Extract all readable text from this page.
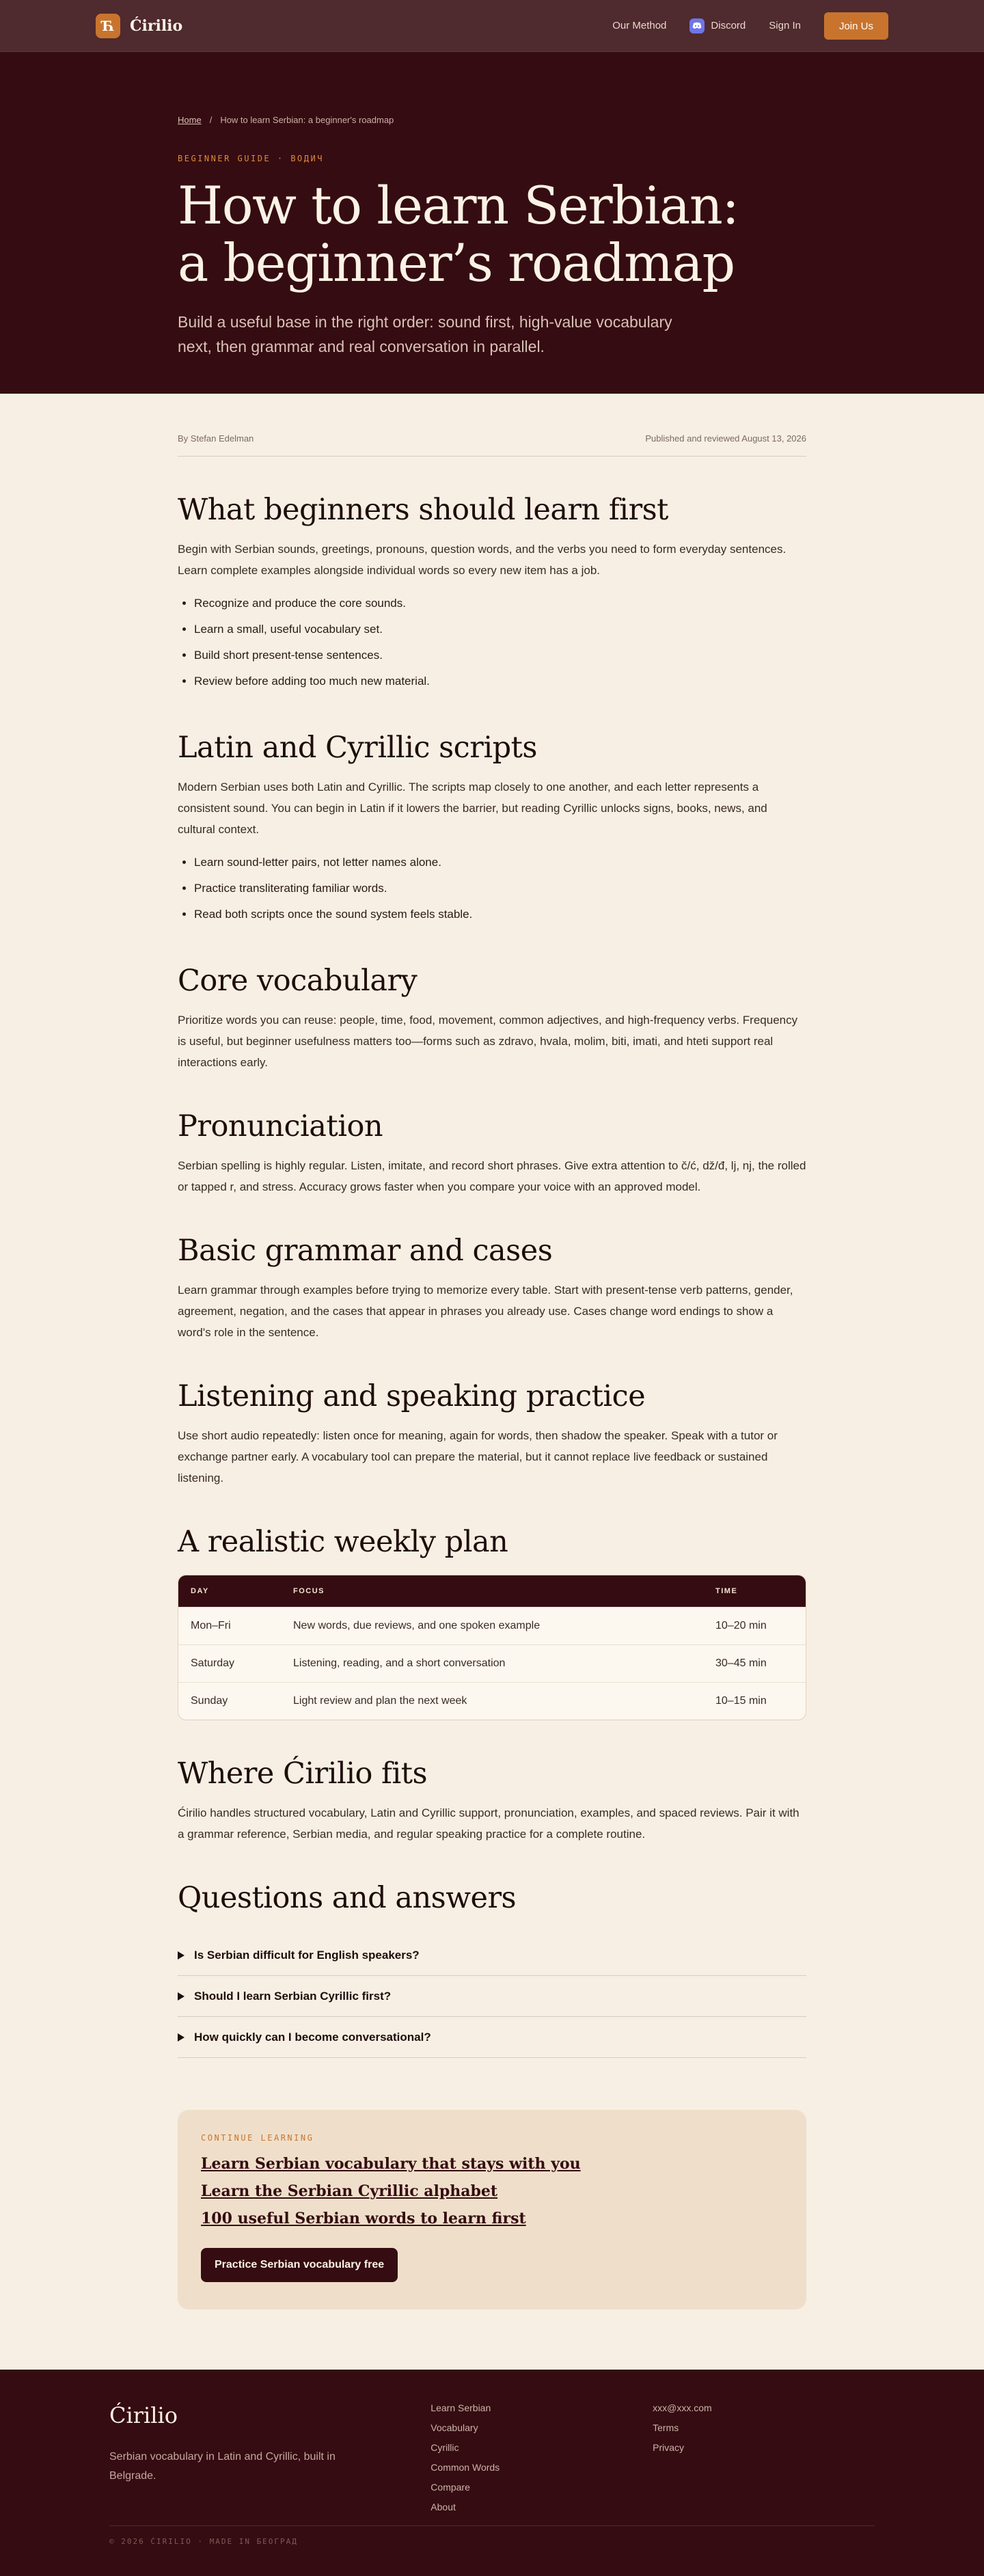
Ћ	Ćirilio	Our Method	Discord Sign In	Join Us
Home / How to learn Serbian: a beginner's roadmap
BEGINNER GUIDE · ВОДИЧ
How to learn Serbian: a beginner’s roadmap

Build a useful base in the right order: sound first, high-value vocabulary next, then grammar and real conversation in parallel.

By Stefan Edelman	Published and reviewed August 13, 2026
What beginners should learn first

Begin with Serbian sounds, greetings, pronouns, question words, and the verbs you need to form everyday sentences. Learn complete examples alongside individual words so every new item has a job.

• Recognize and produce the core sounds.
• Learn a small, useful vocabulary set.
• Build short present-tense sentences.
• Review before adding too much new material.
Latin and Cyrillic scripts

Modern Serbian uses both Latin and Cyrillic. The scripts map closely to one another, and each letter represents a consistent sound. You can begin in Latin if it lowers the barrier, but reading Cyrillic unlocks signs, books, news, and cultural context.

• Learn sound-letter pairs, not letter names alone.
• Practice transliterating familiar words.
• Read both scripts once the sound system feels stable.
Core vocabulary

Prioritize words you can reuse: people, time, food, movement, common adjectives, and high-frequency verbs. Frequency is useful, but beginner usefulness matters too—forms such as zdravo, hvala, molim, biti, imati, and hteti support real interactions early.

Pronunciation

Serbian spelling is highly regular. Listen, imitate, and record short phrases. Give extra attention to č/ć, dž/đ, lj, nj, the rolled or tapped r, and stress. Accuracy grows faster when you compare your voice with an approved model.

Basic grammar and cases

Learn grammar through examples before trying to memorize every table. Start with present-tense verb patterns, gender, agreement, negation, and the cases that appear in phrases you already use. Cases change word endings to show a word's role in the sentence.

Listening and speaking practice

Use short audio repeatedly: listen once for meaning, again for words, then shadow the speaker. Speak with a tutor or exchange partner early. A vocabulary tool can prepare the material, but it cannot replace live feedback or sustained listening.

A realistic weekly plan
DAY	FOCUS	TIME
Mon–Fri	New words, due reviews, and one spoken example	10–20 min
Saturday	Listening, reading, and a short conversation	30–45 min
Sunday	Light review and plan the next week	10–15 min
Where Ćirilio fits

Ćirilio handles structured vocabulary, Latin and Cyrillic support, pronunciation, examples, and spaced reviews. Pair it with a grammar reference, Serbian media, and regular speaking practice for a complete routine.

Questions and answers
Is Serbian difficult for English speakers?
Should I learn Serbian Cyrillic first?
How quickly can I become conversational?
CONTINUE LEARNING
Learn Serbian vocabulary that stays with you
Learn the Serbian Cyrillic alphabet
100 useful Serbian words to learn first
Practice Serbian vocabulary free
Ćirilio

Serbian vocabulary in Latin and Cyrillic, built in Belgrade.

Learn Serbian
Vocabulary
Cyrillic
Common Words
Compare
About
xxx@xxx.com
Terms
Privacy
© 2026 ĆIRILIO · MADE IN БЕОГРАД
